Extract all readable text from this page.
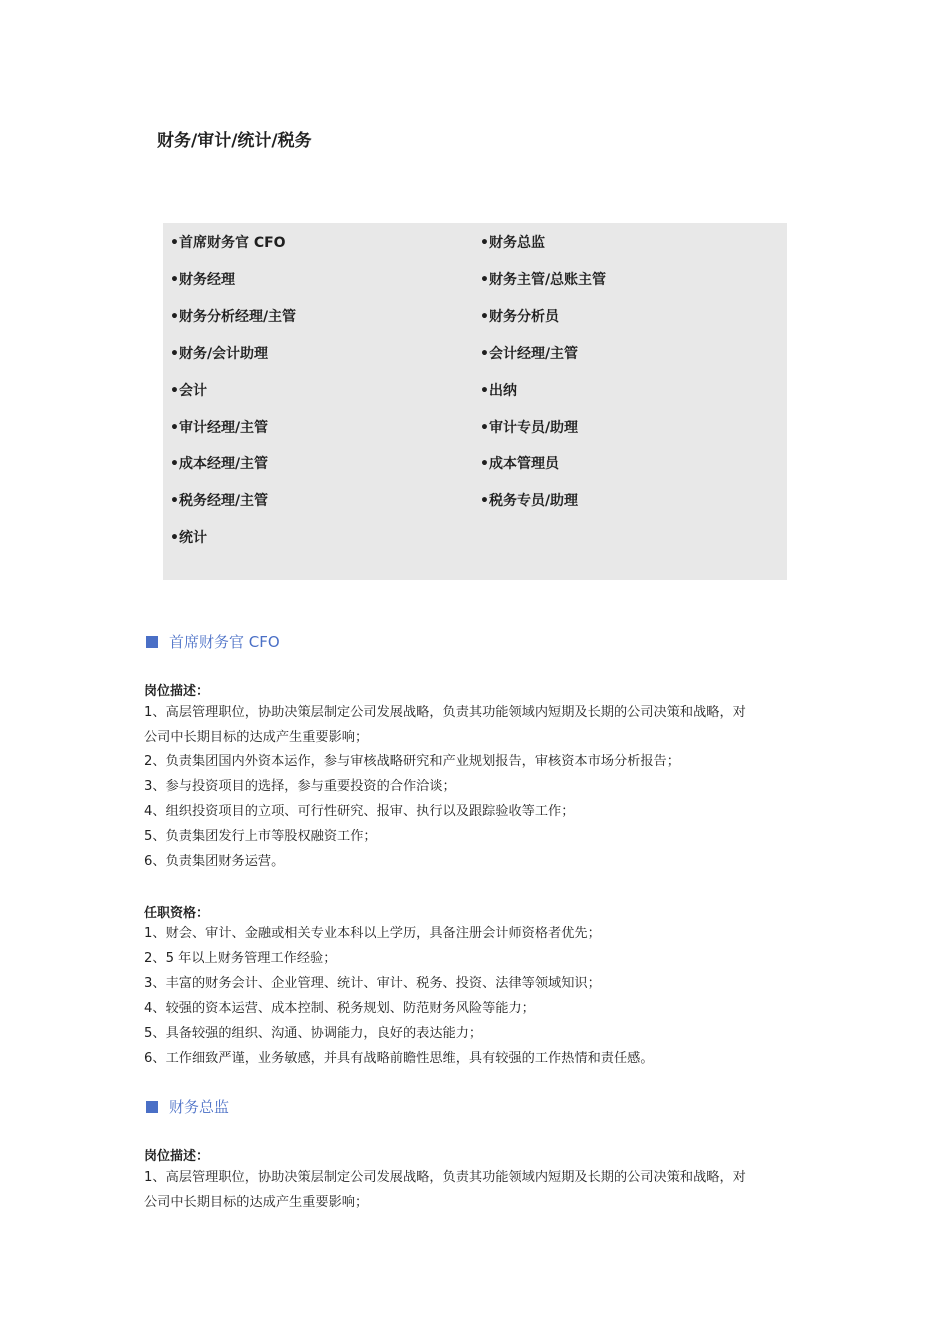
财务/审计/统计/税务
•首席财务官 CFO
•财务经理
•财务分析经理/主管
•财务/会计助理
•会计
•审计经理/主管
•成本经理/主管
•税务经理/主管
•统计
•财务总监
•财务主管/总账主管
•财务分析员
•会计经理/主管
•出纳
•审计专员/助理
•成本管理员
•税务专员/助理
首席财务官 CFO

岗位描述：

1、高层管理职位，协助决策层制定公司发展战略，负责其功能领域内短期及长期的公司决策和战略，对

公司中长期目标的达成产生重要影响；

2、负责集团国内外资本运作，参与审核战略研究和产业规划报告，审核资本市场分析报告；

3、参与投资项目的选择，参与重要投资的合作洽谈；

4、组织投资项目的立项、可行性研究、报审、执行以及跟踪验收等工作；

5、负责集团发行上市等股权融资工作；

6、负责集团财务运营。

任职资格：

1、财会、审计、金融或相关专业本科以上学历，具备注册会计师资格者优先；

2、5 年以上财务管理工作经验；

3、丰富的财务会计、企业管理、统计、审计、税务、投资、法律等领域知识；

4、较强的资本运营、成本控制、税务规划、防范财务风险等能力；

5、具备较强的组织、沟通、协调能力，良好的表达能力；

6、工作细致严谨，业务敏感，并具有战略前瞻性思维，具有较强的工作热情和责任感。

财务总监

岗位描述：

1、高层管理职位，协助决策层制定公司发展战略，负责其功能领域内短期及长期的公司决策和战略，对

公司中长期目标的达成产生重要影响；
